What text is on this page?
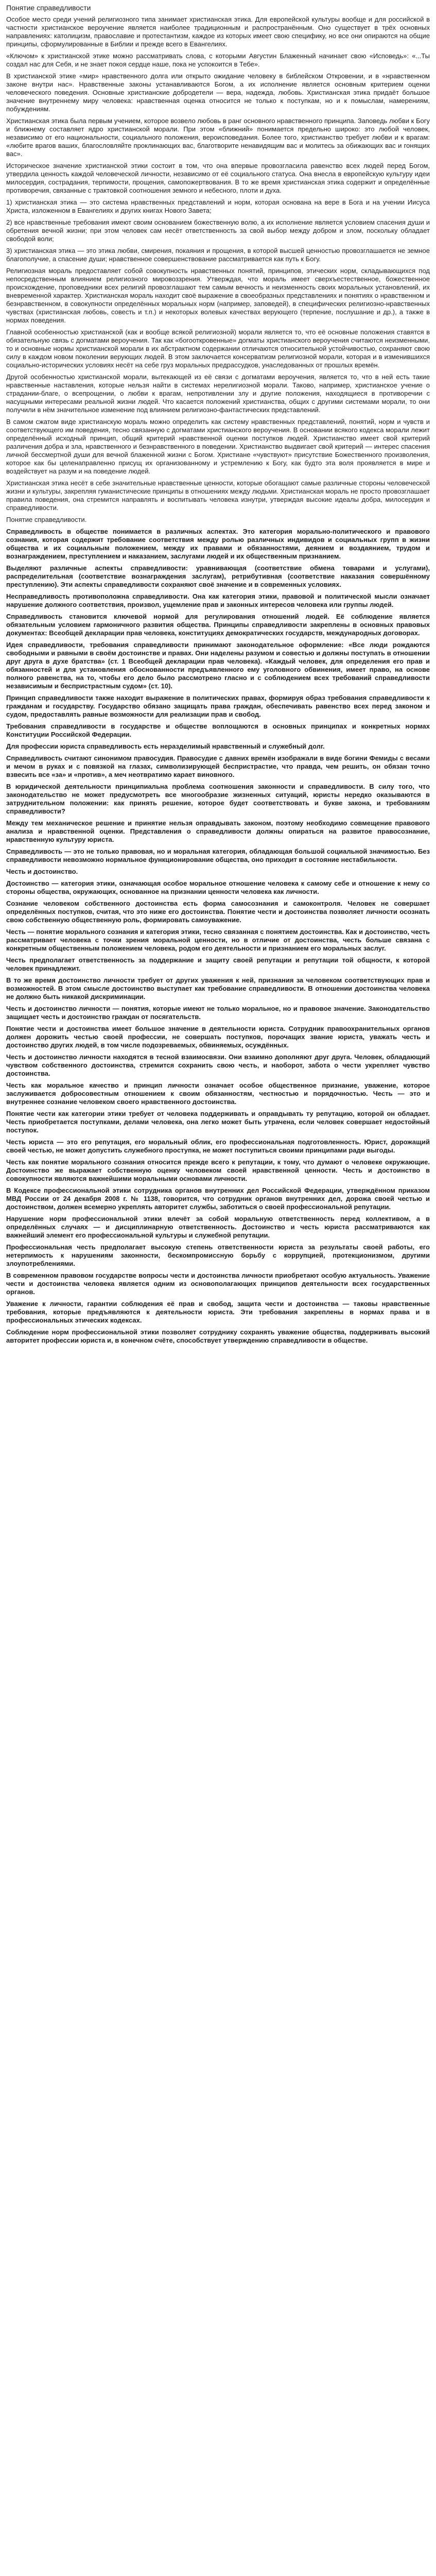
Понятие справедливости

Особое место среди учений религиозного типа занимает христианская этика. Для европейской культуры вообще и для российской в частности христианское вероучение является наиболее традиционным и распространённым. Оно существует в трёх основных направлениях: католицизм, православие и протестантизм, каждое из которых имеет свою специфику, но все они опираются на общие принципы, сформулированные в Библии и прежде всего в Евангелиях.

«Ключом» к христианской этике можно рассматривать слова, с которыми Августин Блаженный начинает свою «Исповедь»: «...Ты создал нас для Себя, и не знает покоя сердце наше, пока не успокоится в Тебе».

В христианской этике «мир» нравственного долга или открыто ожидание человеку в библейском Откровении, и в «нравственном законе внутри нас». Нравственные законы устанавливаются Богом, а их исполнение является основным критерием оценки человеческого поведения. Основные христианские добродетели — вера, надежда, любовь. Христианская этика придаёт большое значение внутреннему миру человека: нравственная оценка относится не только к поступкам, но и к помыслам, намерениям, побуждениям.

Христианская этика была первым учением, которое возвело любовь в ранг основного нравственного принципа. Заповедь любви к Богу и ближнему составляет ядро христианской морали. При этом «ближний» понимается предельно широко: это любой человек, независимо от его национальности, социального положения, вероисповедания. Более того, христианство требует любви и к врагам: «любите врагов ваших, благословляйте проклинающих вас, благотворите ненавидящим вас и молитесь за обижающих вас и гонящих вас».

Историческое значение христианской этики состоит в том, что она впервые провозгласила равенство всех людей перед Богом, утвердила ценность каждой человеческой личности, независимо от её социального статуса. Она внесла в европейскую культуру идеи милосердия, сострадания, терпимости, прощения, самопожертвования. В то же время христианская этика содержит и определённые противоречия, связанные с трактовкой соотношения земного и небесного, плоти и духа.

1) христианская этика — это система нравственных представлений и норм, которая основана на вере в Бога и на учении Иисуса Христа, изложенном в Евангелиях и других книгах Нового Завета;

2) все нравственные требования имеют своим основанием божественную волю, а их исполнение является условием спасения души и обретения вечной жизни; при этом человек сам несёт ответственность за свой выбор между добром и злом, поскольку обладает свободой воли;

3) христианская этика — это этика любви, смирения, покаяния и прощения, в которой высшей ценностью провозглашается не земное благополучие, а спасение души; нравственное совершенствование рассматривается как путь к Богу.

Религиозная мораль предоставляет собой совокупность нравственных понятий, принципов, этических норм, складывающихся под непосредственным влиянием религиозного мировоззрения. Утверждая, что мораль имеет сверхъестественное, божественное происхождение, проповедники всех религий провозглашают тем самым вечность и неизменность своих моральных установлений, их вневременной характер. Христианская мораль находит своё выражение в своеобразных представлениях и понятиях о нравственном и безнравственном, в совокупности определённых моральных норм (например, заповедей), в специфических религиозно-нравственных чувствах (христианская любовь, совесть и т.п.) и некоторых волевых качествах верующего (терпение, послушание и др.), а также в нормах поведения.

Главной особенностью христианской (как и вообще всякой религиозной) морали является то, что её основные положения ставятся в обязательную связь с догматами вероучения. Так как «богооткровенные» догматы христианского вероучения считаются неизменными, то и основные нормы христианской морали в их абстрактном содержании отличаются относительной устойчивостью, сохраняют свою силу в каждом новом поколении верующих людей. В этом заключается консерватизм религиозной морали, которая и в изменившихся социально-исторических условиях несёт на себе груз моральных предрассудков, унаследованных от прошлых времён.

Другой особенностью христианской морали, вытекающей из её связи с догматами вероучения, является то, что в ней есть такие нравственные наставления, которые нельзя найти в системах нерелигиозной морали. Таково, например, христианское учение о страдании-благе, о всепрощении, о любви к врагам, непротивлении злу и другие положения, находящиеся в противоречии с насущными интересами реальной жизни людей. Что касается положений христианства, общих с другими системами морали, то они получили в нём значительное изменение под влиянием религиозно-фантастических представлений.

В самом сжатом виде христианскую мораль можно определить как систему нравственных представлений, понятий, норм и чувств и соответствующего им поведения, тесно связанную с догматами христианского вероучения. В основании всякого кодекса морали лежит определённый исходный принцип, общий критерий нравственной оценки поступков людей. Христианство имеет свой критерий различения добра и зла, нравственного и безнравственного в поведении. Христианство выдвигает свой критерий — интерес спасения личной бессмертной души для вечной блаженной жизни с Богом. Христиане «чувствуют» присутствие Божественного произволения, которое как бы целенаправленно присущ их организованному и устремлению к Богу, как будто эта воля проявляется в мире и воздействует на разум и на поведение людей.

Христианская этика несёт в себе значительные нравственные ценности, которые обогащают самые различные стороны человеческой жизни и культуры, закрепляя гуманистические принципы в отношениях между людьми. Христианская мораль не просто провозглашает правила поведения, она стремится направлять и воспитывать человека изнутри, утверждая высокие идеалы добра, милосердия и справедливости.

Понятие справедливости.

Справедливость в обществе понимается в различных аспектах. Это категория морально-политического и правового сознания, которая содержит требование соответствия между ролью различных индивидов и социальных групп в жизни общества и их социальным положением, между их правами и обязанностями, деянием и воздаянием, трудом и вознаграждением, преступлением и наказанием, заслугами людей и их общественным признанием.

Выделяют различные аспекты справедливости: уравнивающая (соответствие обмена товарами и услугами), распределительная (соответствие вознаграждения заслугам), ретрибутивная (соответствие наказания совершённому преступлению). Эти аспекты справедливости сохраняют своё значение и в современных условиях.

Несправедливость противоположна справедливости. Она как категория этики, правовой и политической мысли означает нарушение должного соответствия, произвол, ущемление прав и законных интересов человека или группы людей.

Справедливость становится ключевой нормой для регулирования отношений людей. Её соблюдение является обязательным условием гармоничного развития общества. Принципы справедливости закреплены в основных правовых документах: Всеобщей декларации прав человека, конституциях демократических государств, международных договорах.

Идея справедливости, требования справедливости принимают законодательное оформление: «Все люди рождаются свободными и равными в своём достоинстве и правах. Они наделены разумом и совестью и должны поступать в отношении друг друга в духе братства» (ст. 1 Всеобщей декларации прав человека). «Каждый человек, для определения его прав и обязанностей и для установления обоснованности предъявленного ему уголовного обвинения, имеет право, на основе полного равенства, на то, чтобы его дело было рассмотрено гласно и с соблюдением всех требований справедливости независимым и беспристрастным судом» (ст. 10).

Принцип справедливости также находит выражение в политических правах, формируя образ требования справедливости к гражданам и государству. Государство обязано защищать права граждан, обеспечивать равенство всех перед законом и судом, предоставлять равные возможности для реализации прав и свобод.

Требования справедливости в государстве и обществе воплощаются в основных принципах и конкретных нормах Конституции Российской Федерации.

Для профессии юриста справедливость есть неразделимый нравственный и служебный долг.

Справедливость считают синонимом правосудия. Правосудие с давних времён изображали в виде богини Фемиды с весами и мечом в руках и с повязкой на глазах, символизирующей беспристрастие, что правда, чем решить, он обязан точно взвесить все «за» и «против», а меч неотвратимо карает виновного.

В юридической деятельности принципиальна проблема соотношения законности и справедливости. В силу того, что законодательство не может предусмотреть все многообразие жизненных ситуаций, юристы нередко оказываются в затруднительном положении: как принять решение, которое будет соответствовать и букве закона, и требованиям справедливости?

Между тем механическое решение и принятие нельзя оправдывать законом, поэтому необходимо совмещение правового анализа и нравственной оценки. Представления о справедливости должны опираться на развитое правосознание, нравственную культуру юриста.

Справедливость — это не только правовая, но и моральная категория, обладающая большой социальной значимостью. Без справедливости невозможно нормальное функционирование общества, оно приходит в состояние нестабильности.

Честь и достоинство.

Достоинство — категория этики, означающая особое моральное отношение человека к самому себе и отношение к нему со стороны общества, окружающих, основанное на признании ценности человека как личности.

Сознание человеком собственного достоинства есть форма самосознания и самоконтроля. Человек не совершает определённых поступков, считая, что это ниже его достоинства. Понятие чести и достоинства позволяет личности осознать свою собственную общественную роль, формировать самоуважение.

Честь — понятие морального сознания и категория этики, тесно связанная с понятием достоинства. Как и достоинство, честь рассматривает человека с точки зрения моральной ценности, но в отличие от достоинства, честь больше связана с конкретным общественным положением человека, родом его деятельности и признанием его моральных заслуг.

Честь предполагает ответственность за поддержание и защиту своей репутации и репутации той общности, к которой человек принадлежит.

В то же время достоинство личности требует от других уважения к ней, признания за человеком соответствующих прав и возможностей. В этом смысле достоинство выступает как требование справедливости. В отношении достоинства человека не должно быть никакой дискриминации.

Честь и достоинство личности — понятия, которые имеют не только моральное, но и правовое значение. Законодательство защищает честь и достоинство граждан от посягательств.

Понятие чести и достоинства имеет большое значение в деятельности юриста. Сотрудник правоохранительных органов должен дорожить честью своей профессии, не совершать поступков, порочащих звание юриста, уважать честь и достоинство других людей, в том числе подозреваемых, обвиняемых, осуждённых.

Честь и достоинство личности находятся в тесной взаимосвязи. Они взаимно дополняют друг друга. Человек, обладающий чувством собственного достоинства, стремится сохранить свою честь, и наоборот, забота о чести укрепляет чувство достоинства.

Честь как моральное качество и принцип личности означает особое общественное признание, уважение, которое заслуживается добросовестным отношением к своим обязанностям, честностью и порядочностью. Честь — это и внутреннее сознание человеком своего нравственного достоинства.

Понятие чести как категории этики требует от человека поддерживать и оправдывать ту репутацию, которой он обладает. Честь приобретается поступками, делами человека, она легко может быть утрачена, если человек совершает недостойный поступок.

Честь юриста — это его репутация, его моральный облик, его профессиональная подготовленность. Юрист, дорожащий своей честью, не может допустить служебного проступка, не может поступиться своими принципами ради выгоды.

Честь как понятие морального сознания относится прежде всего к репутации, к тому, что думают о человеке окружающие. Достоинство же выражает собственную оценку человеком своей нравственной ценности. Честь и достоинство в совокупности являются важнейшими моральными основами личности.

В Кодексе профессиональной этики сотрудника органов внутренних дел Российской Федерации, утверждённом приказом МВД России от 24 декабря 2008 г. № 1138, говорится, что сотрудник органов внутренних дел, дорожа своей честью и достоинством, должен всемерно укреплять авторитет службы, заботиться о своей профессиональной репутации.

Нарушение норм профессиональной этики влечёт за собой моральную ответственность перед коллективом, а в определённых случаях — и дисциплинарную ответственность. Достоинство и честь юриста рассматриваются как важнейший элемент его профессиональной культуры и служебной репутации.

Профессиональная честь предполагает высокую степень ответственности юриста за результаты своей работы, его нетерпимость к нарушениям законности, бескомпромиссную борьбу с коррупцией, протекционизмом, другими злоупотреблениями.

В современном правовом государстве вопросы чести и достоинства личности приобретают особую актуальность. Уважение чести и достоинства человека является одним из основополагающих принципов деятельности всех государственных органов.

Уважение к личности, гарантии соблюдения её прав и свобод, защита чести и достоинства — таковы нравственные требования, которые предъявляются к деятельности юриста. Эти требования закреплены в нормах права и в профессиональных этических кодексах.

Соблюдение норм профессиональной этики позволяет сотруднику сохранять уважение общества, поддерживать высокий авторитет профессии юриста и, в конечном счёте, способствует утверждению справедливости в обществе.
